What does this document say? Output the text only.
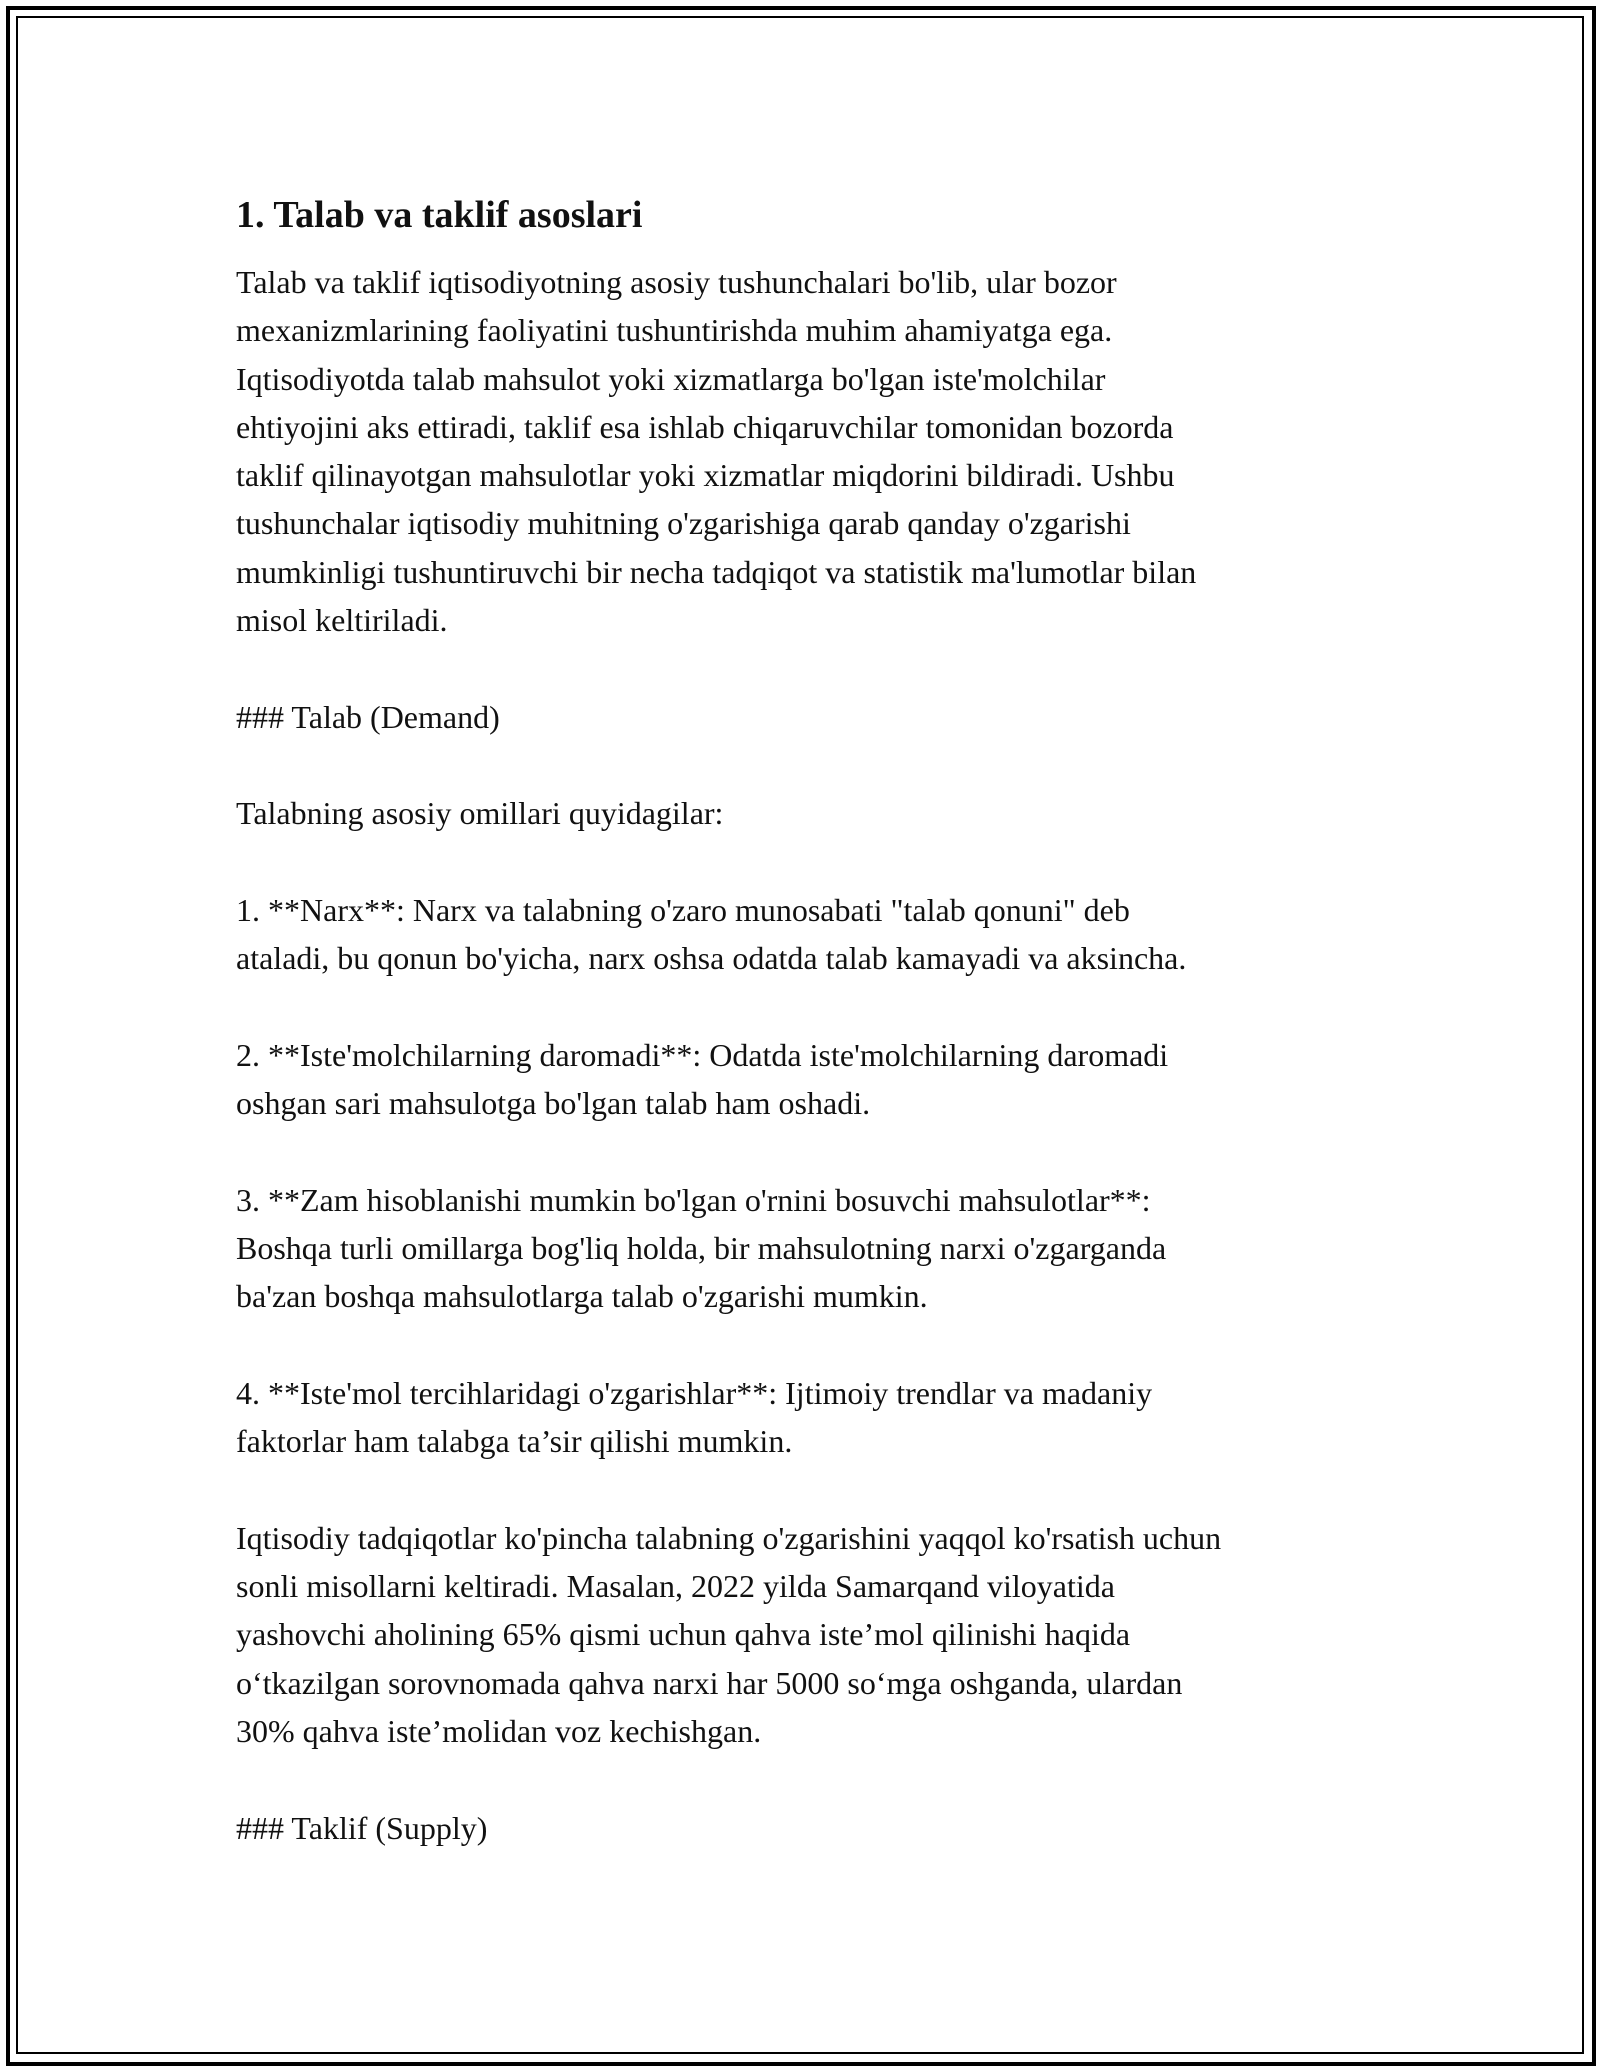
1. Talab va taklif asoslari

Talab va taklif iqtisodiyotning asosiy tushunchalari bo'lib, ular bozor
mexanizmlarining faoliyatini tushuntirishda muhim ahamiyatga ega.
Iqtisodiyotda talab mahsulot yoki xizmatlarga bo'lgan iste'molchilar
ehtiyojini aks ettiradi, taklif esa ishlab chiqaruvchilar tomonidan bozorda
taklif qilinayotgan mahsulotlar yoki xizmatlar miqdorini bildiradi. Ushbu
tushunchalar iqtisodiy muhitning o'zgarishiga qarab qanday o'zgarishi
mumkinligi tushuntiruvchi bir necha tadqiqot va statistik ma'lumotlar bilan
misol keltiriladi.

### Talab (Demand)

Talabning asosiy omillari quyidagilar:

1. **Narx**: Narx va talabning o'zaro munosabati "talab qonuni" deb
ataladi, bu qonun bo'yicha, narx oshsa odatda talab kamayadi va aksincha.

2. **Iste'molchilarning daromadi**: Odatda iste'molchilarning daromadi
oshgan sari mahsulotga bo'lgan talab ham oshadi.

3. **Zam hisoblanishi mumkin bo'lgan o'rnini bosuvchi mahsulotlar**:
Boshqa turli omillarga bog'liq holda, bir mahsulotning narxi o'zgarganda
ba'zan boshqa mahsulotlarga talab o'zgarishi mumkin.

4. **Iste'mol tercihlaridagi o'zgarishlar**: Ijtimoiy trendlar va madaniy
faktorlar ham talabga ta’sir qilishi mumkin.

Iqtisodiy tadqiqotlar ko'pincha talabning o'zgarishini yaqqol ko'rsatish uchun
sonli misollarni keltiradi. Masalan, 2022 yilda Samarqand viloyatida
yashovchi aholining 65% qismi uchun qahva iste’mol qilinishi haqida
o‘tkazilgan sorovnomada qahva narxi har 5000 so‘mga oshganda, ulardan
30% qahva iste’molidan voz kechishgan.

### Taklif (Supply)
